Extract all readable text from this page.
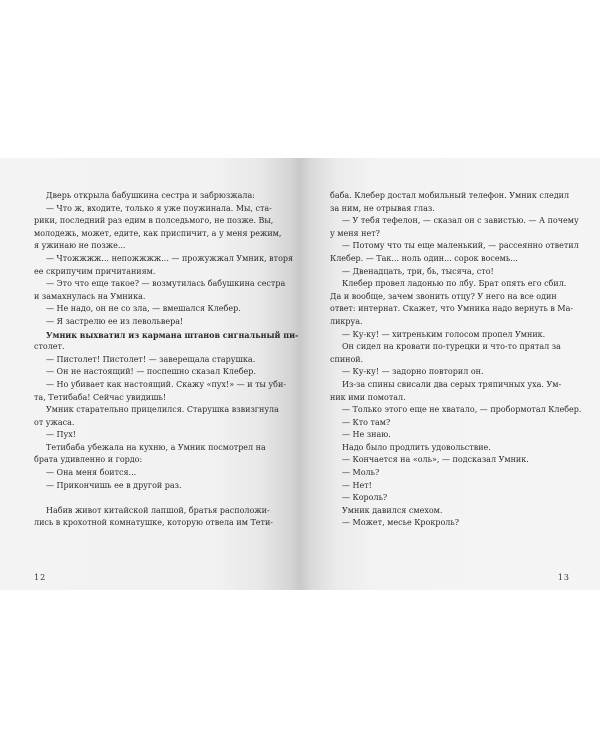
Дверь открыла бабушкина сестра и забрюзжала:
— Что ж, входите, только я уже поужинала. Мы, ста-
рики, последний раз едим в полседьмого, не позже. Вы,
молодежь, может, едите, как приспичит, а у меня режим,
я ужинаю не позже...
— Чтожжжж... непожжжж... — прожужжал Умник, вторя
ее скрипучим причитаниям.
— Это что еще такое? — возмутилась бабушкина сестра
и замахнулась на Умника.
— Не надо, он не со зла, — вмешался Клебер.
— Я застрелю ее из левольвера!
Умник выхватил из кармана штанов сигнальный пи-
столет.
— Пистолет! Пистолет! — заверещала старушка.
— Он не настоящий! — поспешно сказал Клебер.
— Но убивает как настоящий. Скажу «пух!» — и ты уби-
та, Тетибаба! Сейчас увидишь!
Умник старательно прицелился. Старушка взвизгнула
от ужаса.
— Пух!
Тетибаба убежала на кухню, а Умник посмотрел на
брата удивленно и гордо:
— Она меня боится...
— Прикончишь ее в другой раз.
Набив живот китайской лапшой, братья расположи-
лись в крохотной комнатушке, которую отвела им Тети-
12
баба. Клебер достал мобильный телефон. Умник следил
за ним, не отрывая глаз.
— У тебя тефелон, — сказал он с завистью. — А почему
у меня нет?
— Потому что ты еще маленький, — рассеянно ответил
Клебер. — Так... ноль один... сорок восемь...
— Двенадцать, три, бь, тысяча, сто!
Клебер провел ладонью по лбу. Брат опять его сбил.
Да и вообще, зачем звонить отцу? У него на все один
ответ: интернат. Скажет, что Умника надо вернуть в Ма-
ликруа.
— Ку-ку! — хитреньким голосом пропел Умник.
Он сидел на кровати по-турецки и что-то прятал за
спиной.
— Ку-ку! — задорно повторил он.
Из-за спины свисали два серых тряпичных уха. Ум-
ник ими помотал.
— Только этого еще не хватало, — пробормотал Клебер.
— Кто там?
— Не знаю.
Надо было продлить удовольствие.
— Кончается на «оль», — подсказал Умник.
— Моль?
— Нет!
— Король?
Умник давился смехом.
— Может, месье Крокроль?
13
